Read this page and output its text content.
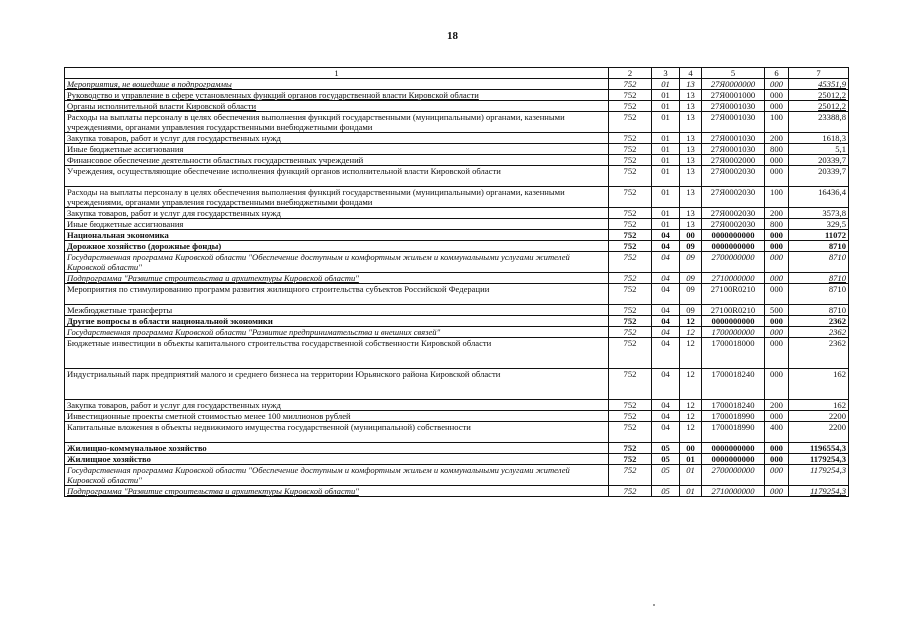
18
1	2	3	4	5	6	7
Мероприятия, не вошедшие в подпрограммы	752	01	13	27Я0000000	000	45351,9
Руководство и управление в сфере установленных функций органов государственной власти Кировской области	752	01	13	27Я0001000	000	25012,2
Органы исполнительной власти Кировской области	752	01	13	27Я0001030	000	25012,2
Расходы на выплаты персоналу в целях обеспечения выполнения функций государственными (муниципальными) органами, казенными учреждениями, органами управления государственными внебюджетными фондами	752	01	13	27Я0001030	100	23388,8
Закупка товаров, работ и услуг для государственных нужд	752	01	13	27Я0001030	200	1618,3
Иные бюджетные ассигнования	752	01	13	27Я0001030	800	5,1
Финансовое обеспечение деятельности областных государственных учреждений	752	01	13	27Я0002000	000	20339,7
Учреждения, осуществляющие обеспечение исполнения функций органов исполнительной власти Кировской области	752	01	13	27Я0002030	000	20339,7
Расходы на выплаты персоналу в целях обеспечения выполнения функций государственными (муниципальными) органами, казенными учреждениями, органами управления государственными внебюджетными фондами	752	01	13	27Я0002030	100	16436,4
Закупка товаров, работ и услуг для государственных нужд	752	01	13	27Я0002030	200	3573,8
Иные бюджетные ассигнования	752	01	13	27Я0002030	800	329,5
Национальная экономика	752	04	00	0000000000	000	11072
Дорожное хозяйство (дорожные фонды)	752	04	09	0000000000	000	8710
Государственная программа Кировской области "Обеспечение доступным и комфортным жильем и коммунальными услугами жителей Кировской области"	752	04	09	2700000000	000	8710
Подпрограмма "Развитие строительства и архитектуры Кировской области"	752	04	09	2710000000	000	8710
Мероприятия по стимулированию программ развития жилищного строительства субъектов Российской Федерации	752	04	09	27100R0210	000	8710
Межбюджетные трансферты	752	04	09	27100R0210	500	8710
Другие вопросы в области национальной экономики	752	04	12	0000000000	000	2362
Государственная программа Кировской области "Развитие предпринимательства и внешних связей"	752	04	12	1700000000	000	2362
Бюджетные инвестиции в объекты капитального строительства государственной собственности Кировской области	752	04	12	1700018000	000	2362
Индустриальный парк предприятий малого и среднего бизнеса на территории Юрьянского района Кировской области	752	04	12	1700018240	000	162
Закупка товаров, работ и услуг для государственных нужд	752	04	12	1700018240	200	162
Инвестиционные проекты сметной стоимостью менее 100 миллионов рублей	752	04	12	1700018990	000	2200
Капитальные вложения в объекты недвижимого имущества государственной (муниципальной) собственности	752	04	12	1700018990	400	2200
Жилищно-коммунальное хозяйство	752	05	00	0000000000	000	1196554,3
Жилищное хозяйство	752	05	01	0000000000	000	1179254,3
Государственная программа Кировской области "Обеспечение доступным и комфортным жильем и коммунальными услугами жителей Кировской области"	752	05	01	2700000000	000	1179254,3
Подпрограмма "Развитие строительства и архитектуры Кировской области"	752	05	01	2710000000	000	1179254,3
